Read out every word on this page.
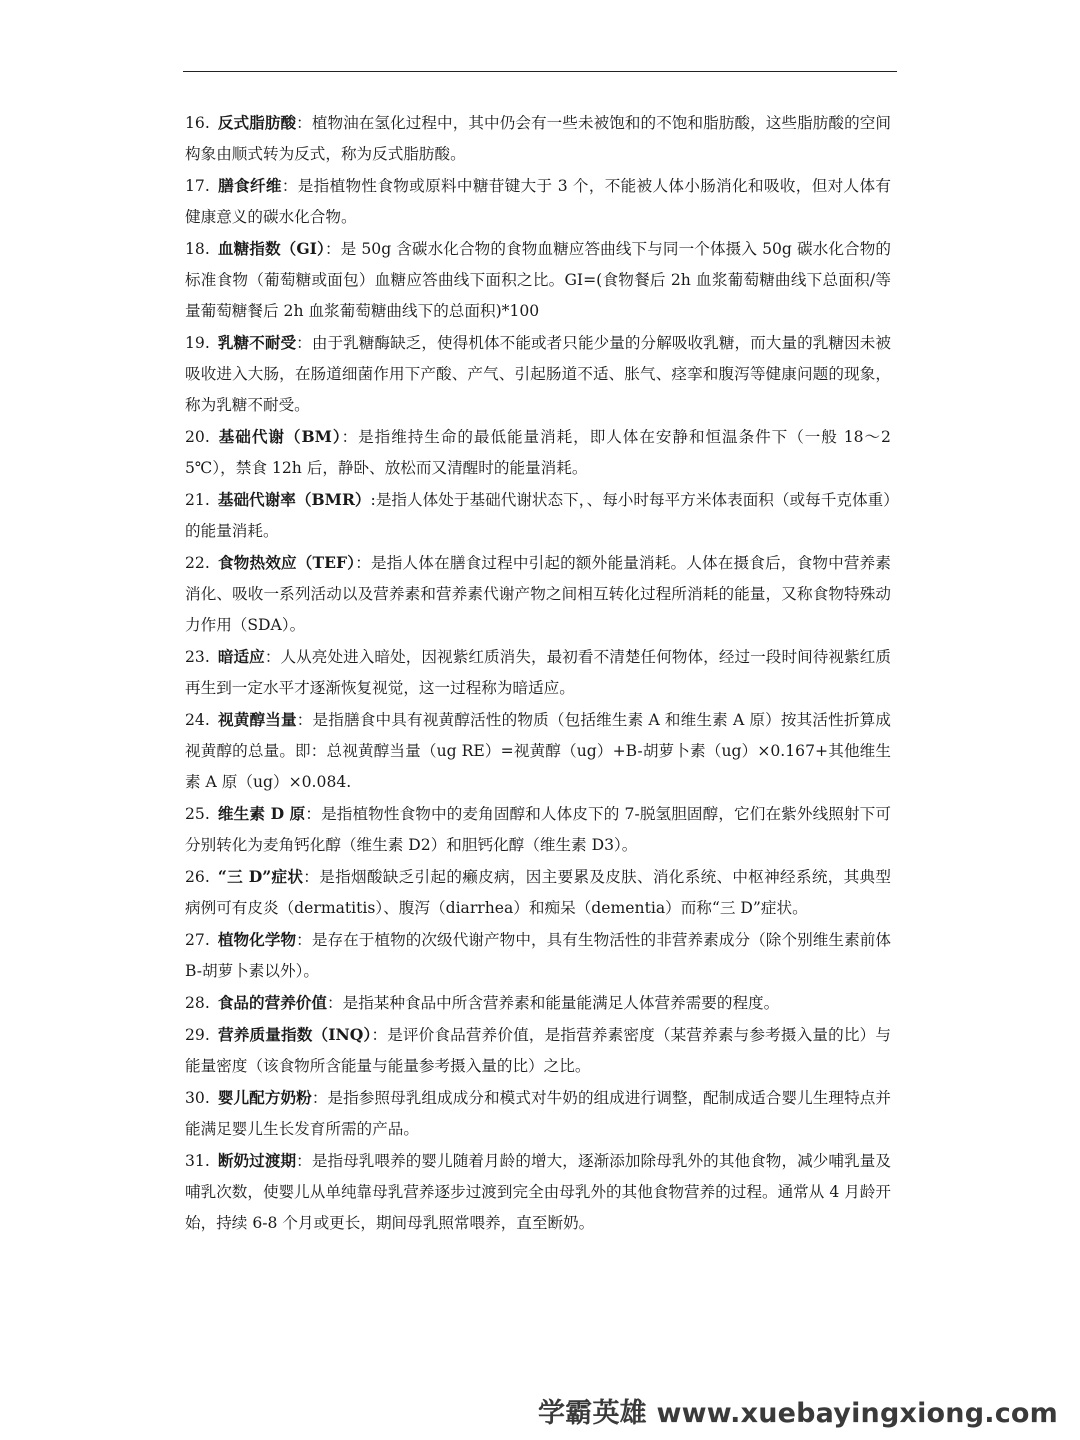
16. 反式脂肪酸：植物油在氢化过程中，其中仍会有一些未被饱和的不饱和脂肪酸，这些脂肪酸的空间构象由顺式转为反式，称为反式脂肪酸。

17. 膳食纤维：是指植物性食物或原料中糖苷键大于 3 个，不能被人体小肠消化和吸收，但对人体有健康意义的碳水化合物。

18. 血糖指数（GI）：是 50g 含碳水化合物的食物血糖应答曲线下与同一个体摄入 50g 碳水化合物的标准食物（葡萄糖或面包）血糖应答曲线下面积之比。GI=(食物餐后 2h 血浆葡萄糖曲线下总面积/等量葡萄糖餐后 2h 血浆葡萄糖曲线下的总面积)*100

19. 乳糖不耐受：由于乳糖酶缺乏，使得机体不能或者只能少量的分解吸收乳糖，而大量的乳糖因未被吸收进入大肠，在肠道细菌作用下产酸、产气、引起肠道不适、胀气、痉挛和腹泻等健康问题的现象，称为乳糖不耐受。

20. 基础代谢（BM）：是指维持生命的最低能量消耗，即人体在安静和恒温条件下（一般 18～25℃），禁食 12h 后，静卧、放松而又清醒时的能量消耗。

21. 基础代谢率（BMR）:是指人体处于基础代谢状态下，、每小时每平方米体表面积（或每千克体重）的能量消耗。

22. 食物热效应（TEF）：是指人体在膳食过程中引起的额外能量消耗。人体在摄食后，食物中营养素消化、吸收一系列活动以及营养素和营养素代谢产物之间相互转化过程所消耗的能量，又称食物特殊动力作用（SDA）。

23. 暗适应：人从亮处进入暗处，因视紫红质消失，最初看不清楚任何物体，经过一段时间待视紫红质再生到一定水平才逐渐恢复视觉，这一过程称为暗适应。

24. 视黄醇当量：是指膳食中具有视黄醇活性的物质（包括维生素 A 和维生素 A 原）按其活性折算成视黄醇的总量。即：总视黄醇当量（ug RE）=视黄醇（ug）+B-胡萝卜素（ug）×0.167+其他维生素 A 原（ug）×0.084.

25. 维生素 D 原：是指植物性食物中的麦角固醇和人体皮下的 7-脱氢胆固醇，它们在紫外线照射下可分别转化为麦角钙化醇（维生素 D2）和胆钙化醇（维生素 D3）。

26. “三 D”症状：是指烟酸缺乏引起的癞皮病，因主要累及皮肤、消化系统、中枢神经系统，其典型病例可有皮炎（dermatitis）、腹泻（diarrhea）和痴呆（dementia）而称“三 D”症状。

27. 植物化学物：是存在于植物的次级代谢产物中，具有生物活性的非营养素成分（除个别维生素前体 B-胡萝卜素以外）。

28. 食品的营养价值：是指某种食品中所含营养素和能量能满足人体营养需要的程度。

29. 营养质量指数（INQ）：是评价食品营养价值，是指营养素密度（某营养素与参考摄入量的比）与能量密度（该食物所含能量与能量参考摄入量的比）之比。

30. 婴儿配方奶粉：是指参照母乳组成成分和模式对牛奶的组成进行调整，配制成适合婴儿生理特点并能满足婴儿生长发育所需的产品。

31. 断奶过渡期：是指母乳喂养的婴儿随着月龄的增大，逐渐添加除母乳外的其他食物，减少哺乳量及哺乳次数，使婴儿从单纯靠母乳营养逐步过渡到完全由母乳外的其他食物营养的过程。通常从 4 月龄开始，持续 6-8 个月或更长，期间母乳照常喂养，直至断奶。

学霸英雄 www.xuebayingxiong.com
